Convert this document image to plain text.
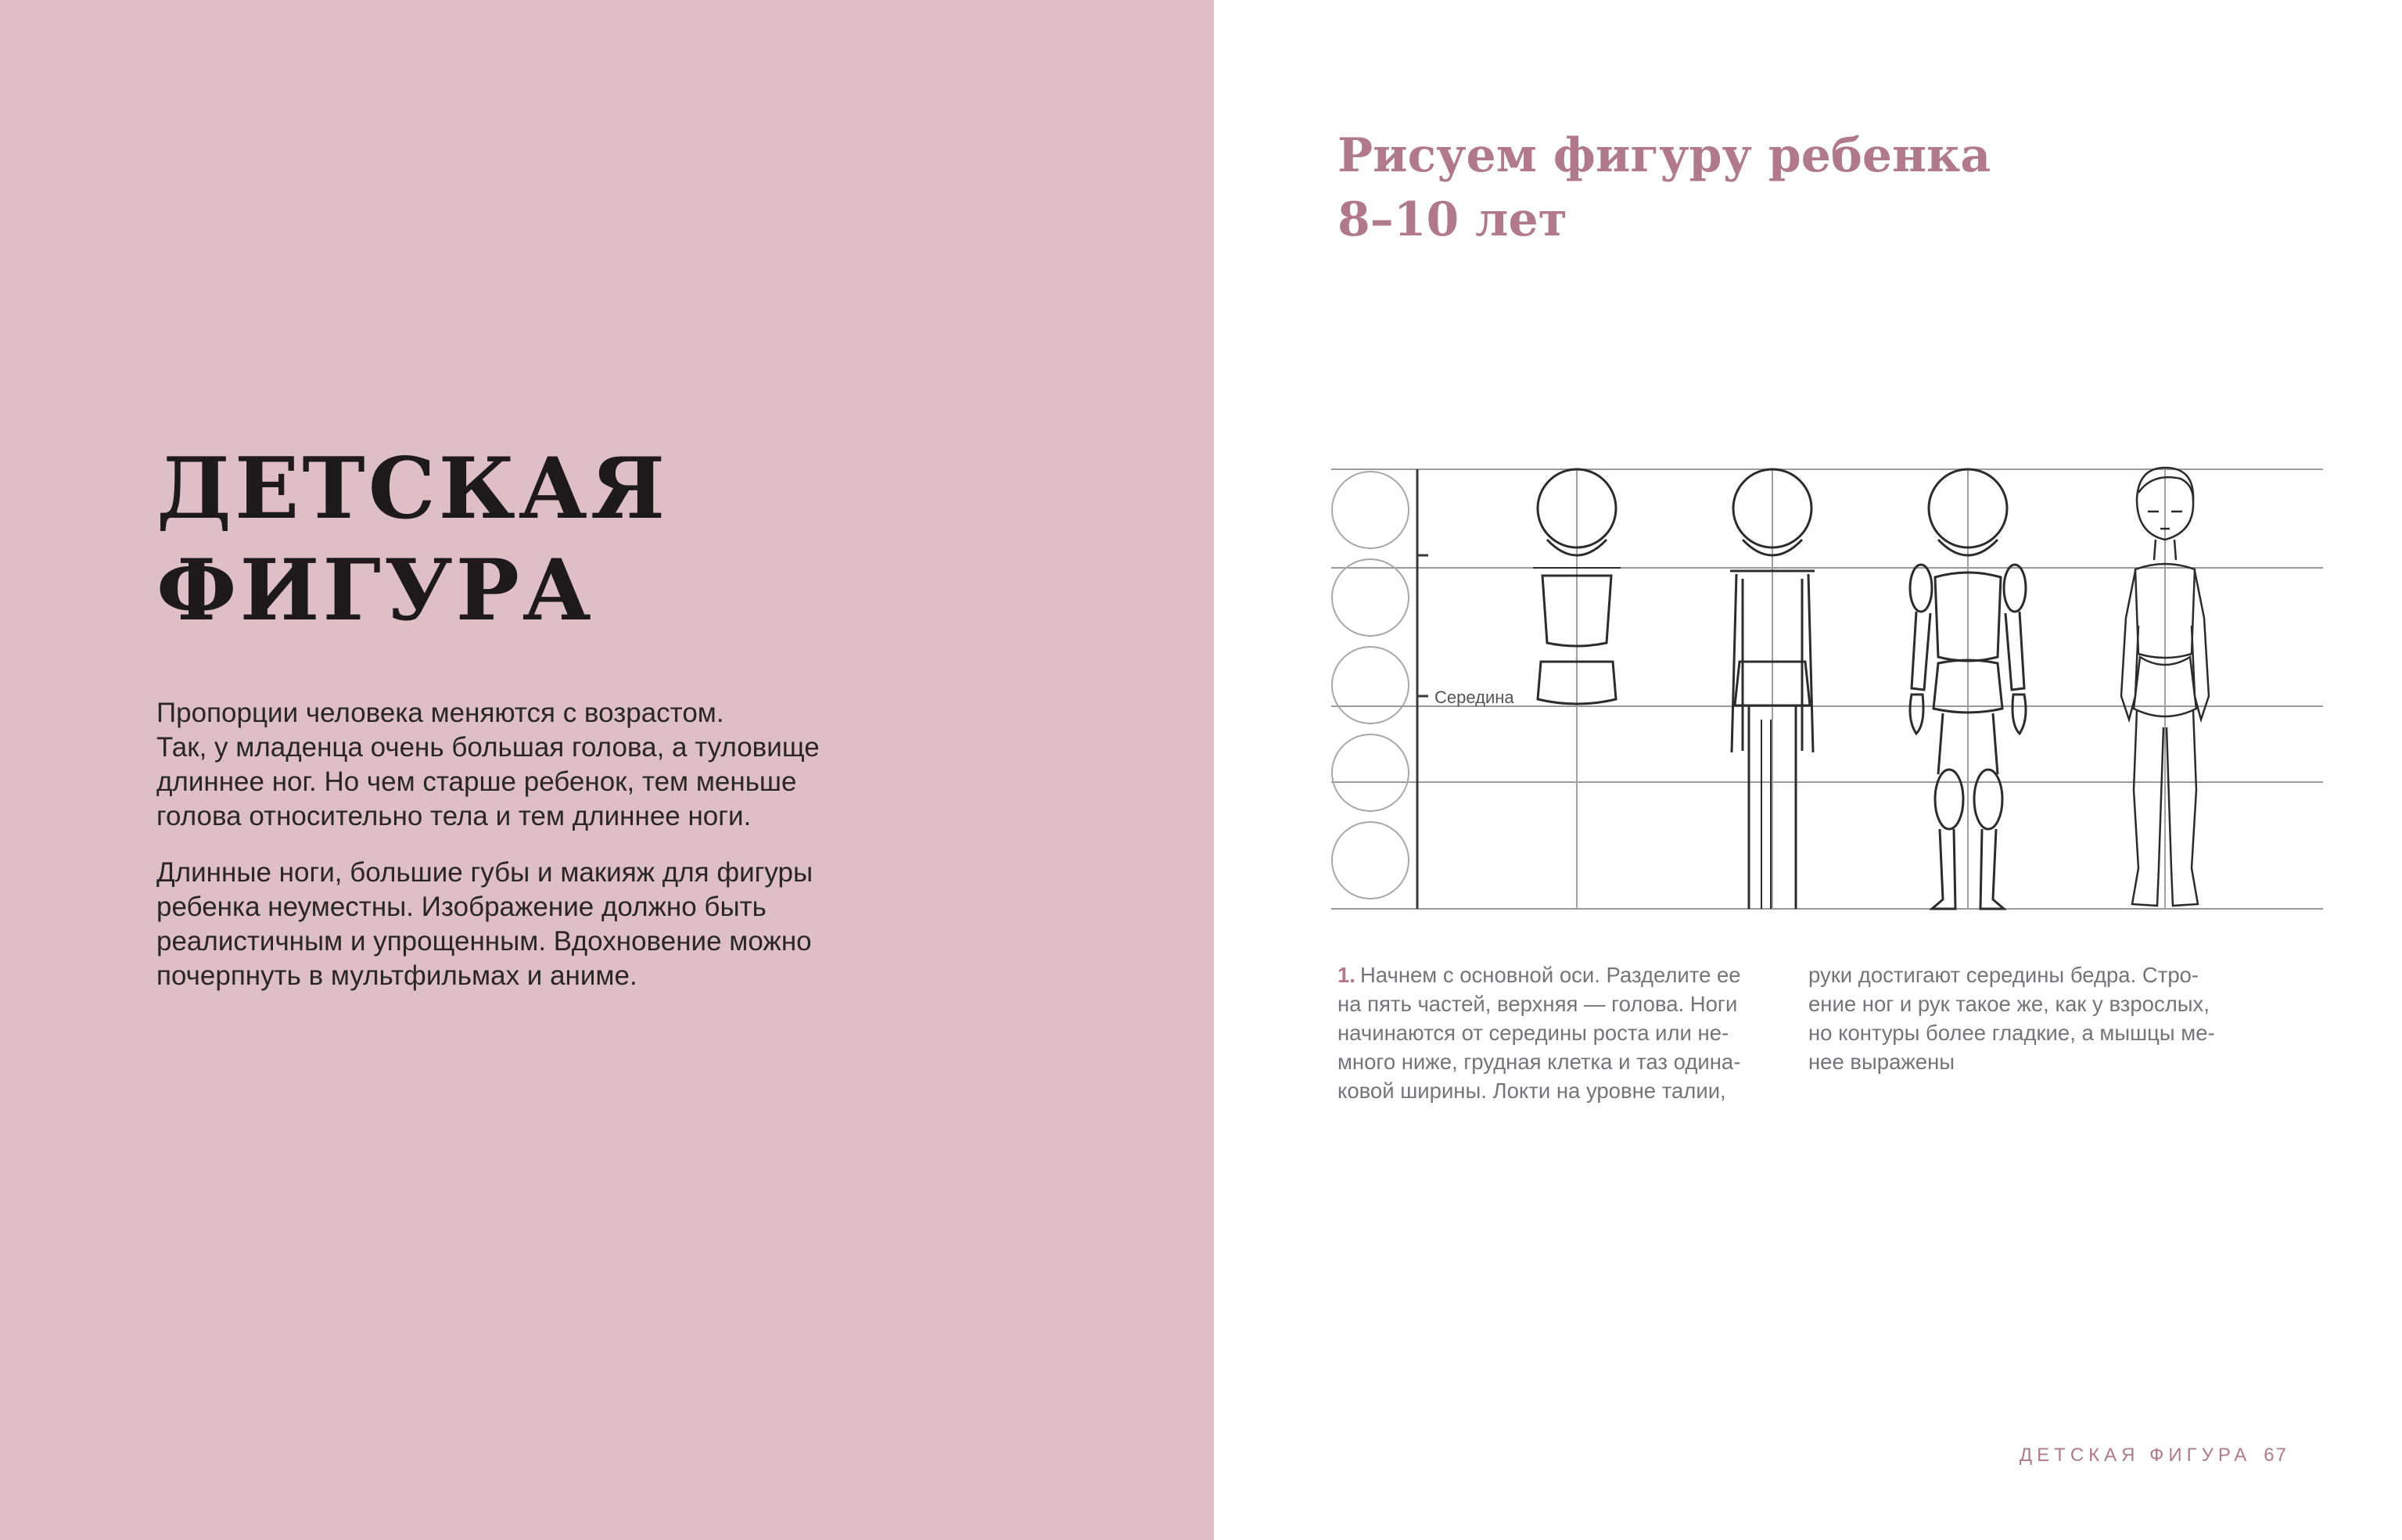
ДЕТСКАЯ
ФИГУРА

Пропорции человека меняются с возрастом.
Так, у младенца очень большая голова, а туловище
длиннее ног. Но чем старше ребенок, тем меньше
голова относительно тела и тем длиннее ноги.

Длинные ноги, большие губы и макияж для фигуры
ребенка неуместны. Изображение должно быть
реалистичным и упрощенным. Вдохновение можно
почерпнуть в мультфильмах и аниме.

Рисуем фигуру ребенка
8–10 лет
Середина
1. Начнем с основной оси. Разделите ее
на пять частей, верхняя — голова. Ноги
начинаются от середины роста или не-
много ниже, грудная клетка и таз одина-
ковой ширины. Локти на уровне талии,
руки достигают середины бедра. Стро-
ение ног и рук такое же, как у взрослых,
но контуры более гладкие, а мышцы ме-
нее выражены
ДЕТСКАЯ ФИГУРА 67
